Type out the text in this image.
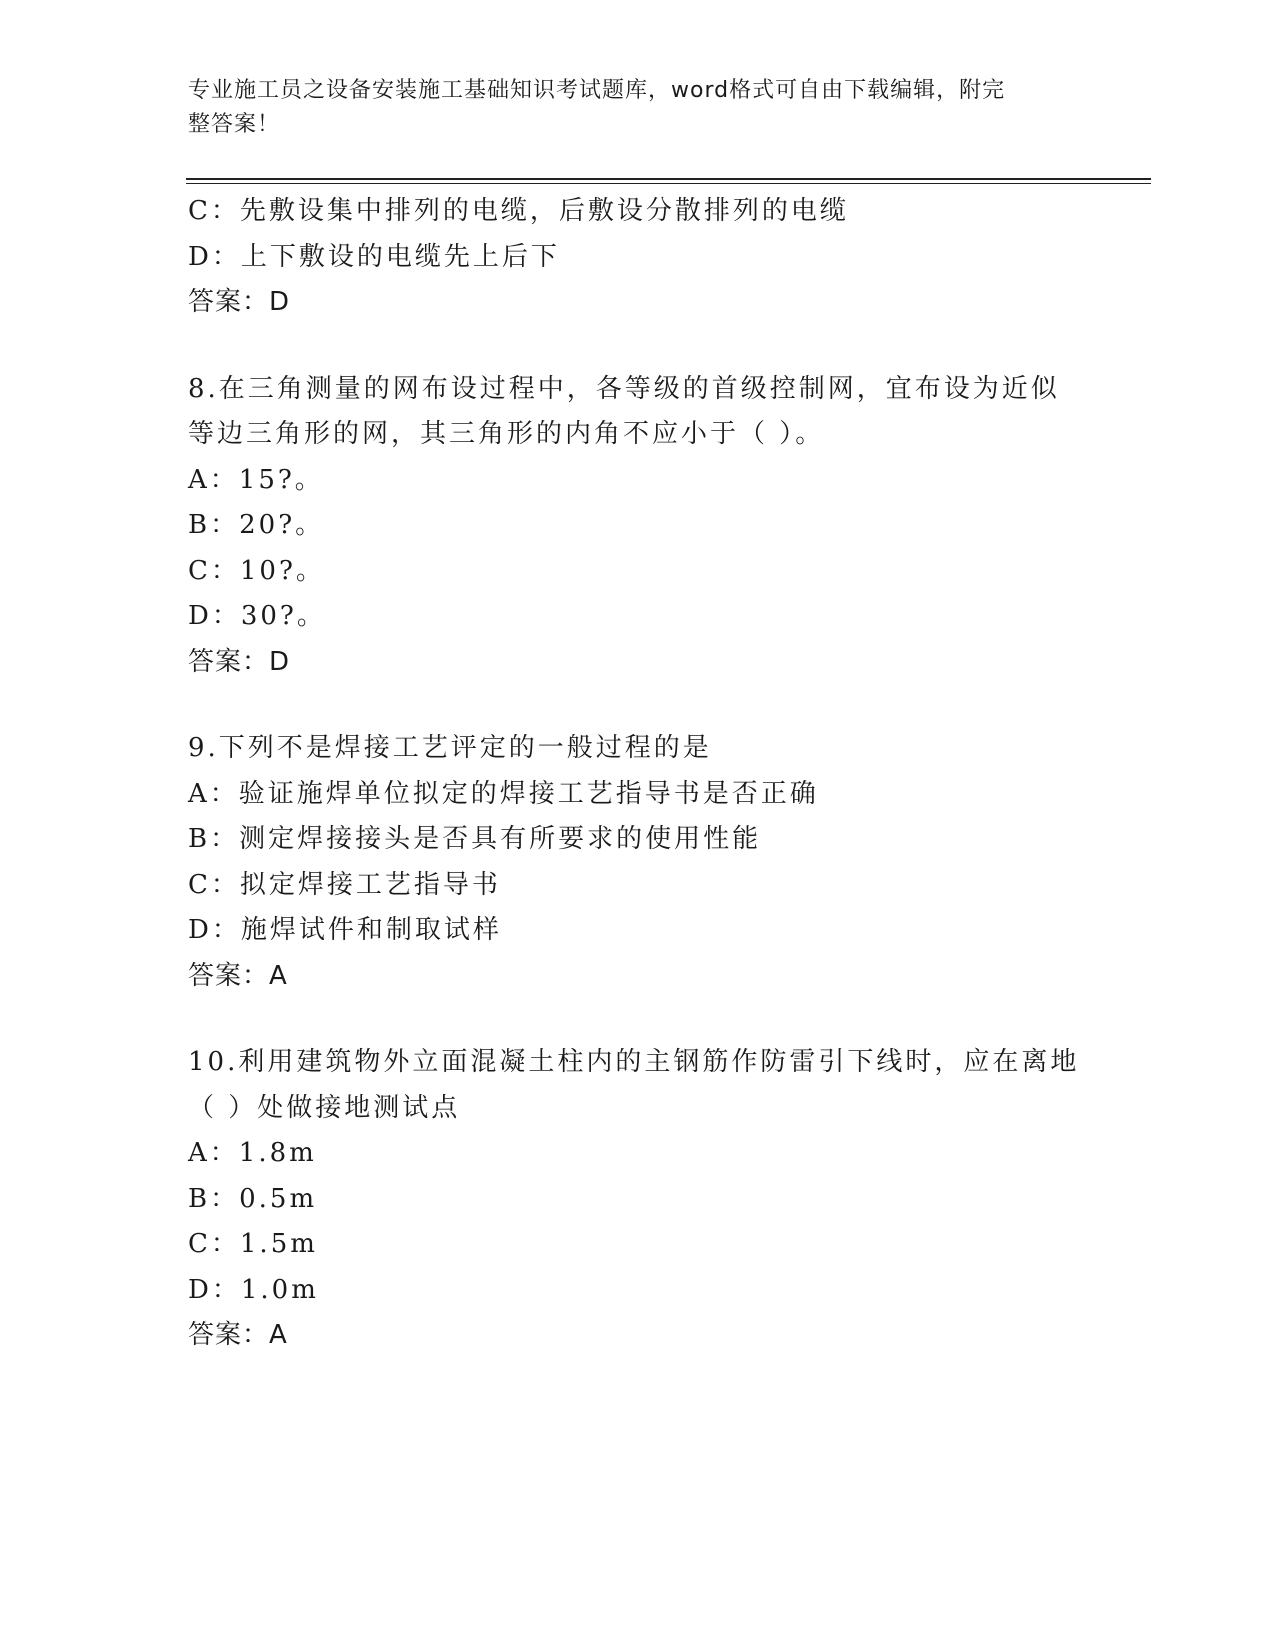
专业施工员之设备安装施工基础知识考试题库，word格式可自由下载编辑，附完
整答案！
C：先敷设集中排列的电缆，后敷设分散排列的电缆
D：上下敷设的电缆先上后下
答案：D
8.在三角测量的网布设过程中，各等级的首级控制网，宜布设为近似
等边三角形的网，其三角形的内角不应小于（ ）。
A：15?。
B：20?。
C：10?。
D：30?。
答案：D
9.下列不是焊接工艺评定的一般过程的是
A：验证施焊单位拟定的焊接工艺指导书是否正确
B：测定焊接接头是否具有所要求的使用性能
C：拟定焊接工艺指导书
D：施焊试件和制取试样
答案：A
10.利用建筑物外立面混凝土柱内的主钢筋作防雷引下线时，应在离地
（ ）处做接地测试点
A：1.8m
B：0.5m
C：1.5m
D：1.0m
答案：A
